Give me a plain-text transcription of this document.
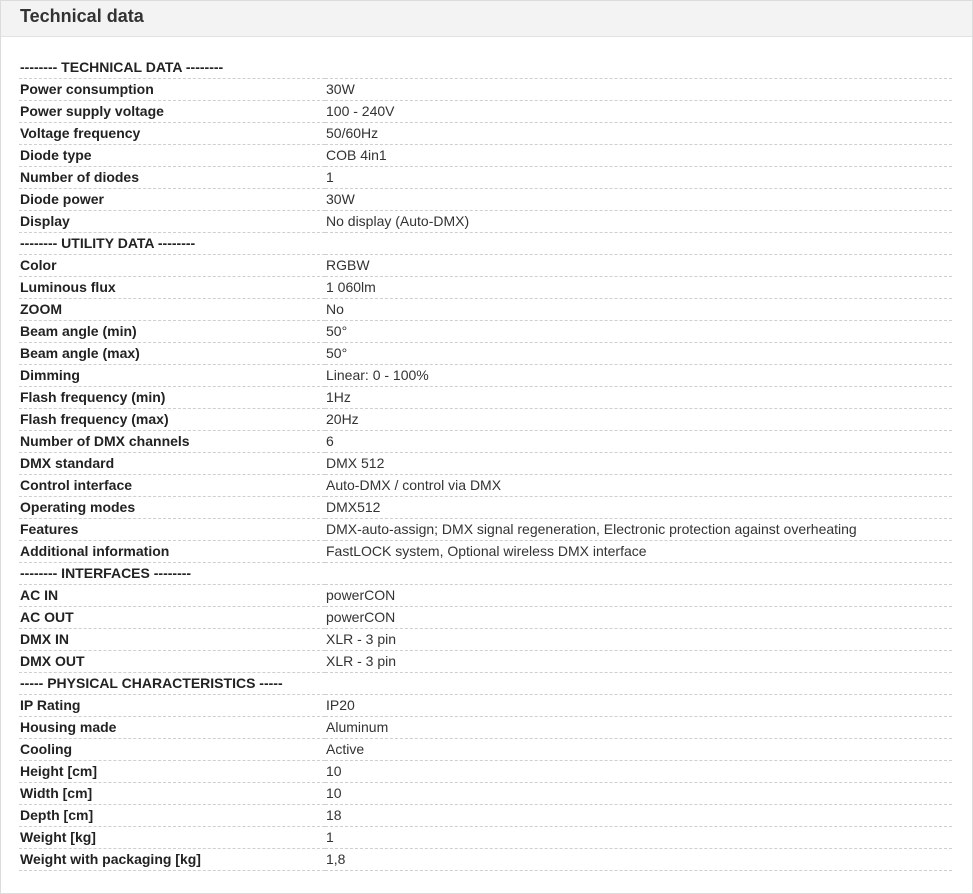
Technical data
-------- TECHNICAL DATA --------	
Power consumption	30W
Power supply voltage	100 - 240V
Voltage frequency	50/60Hz
Diode type	COB 4in1
Number of diodes	1
Diode power	30W
Display	No display (Auto-DMX)
-------- UTILITY DATA --------	
Color	RGBW
Luminous flux	1 060lm
ZOOM	No
Beam angle (min)	50°
Beam angle (max)	50°
Dimming	Linear: 0 - 100%
Flash frequency (min)	1Hz
Flash frequency (max)	20Hz
Number of DMX channels	6
DMX standard	DMX 512
Control interface	Auto-DMX / control via DMX
Operating modes	DMX512
Features	DMX-auto-assign; DMX signal regeneration, Electronic protection against overheating
Additional information	FastLOCK system, Optional wireless DMX interface
-------- INTERFACES --------	
AC IN	powerCON
AC OUT	powerCON
DMX IN	XLR - 3 pin
DMX OUT	XLR - 3 pin
----- PHYSICAL CHARACTERISTICS -----	
IP Rating	IP20
Housing made	Aluminum
Cooling	Active
Height [cm]	10
Width [cm]	10
Depth [cm]	18
Weight [kg]	1
Weight with packaging [kg]	1,8
